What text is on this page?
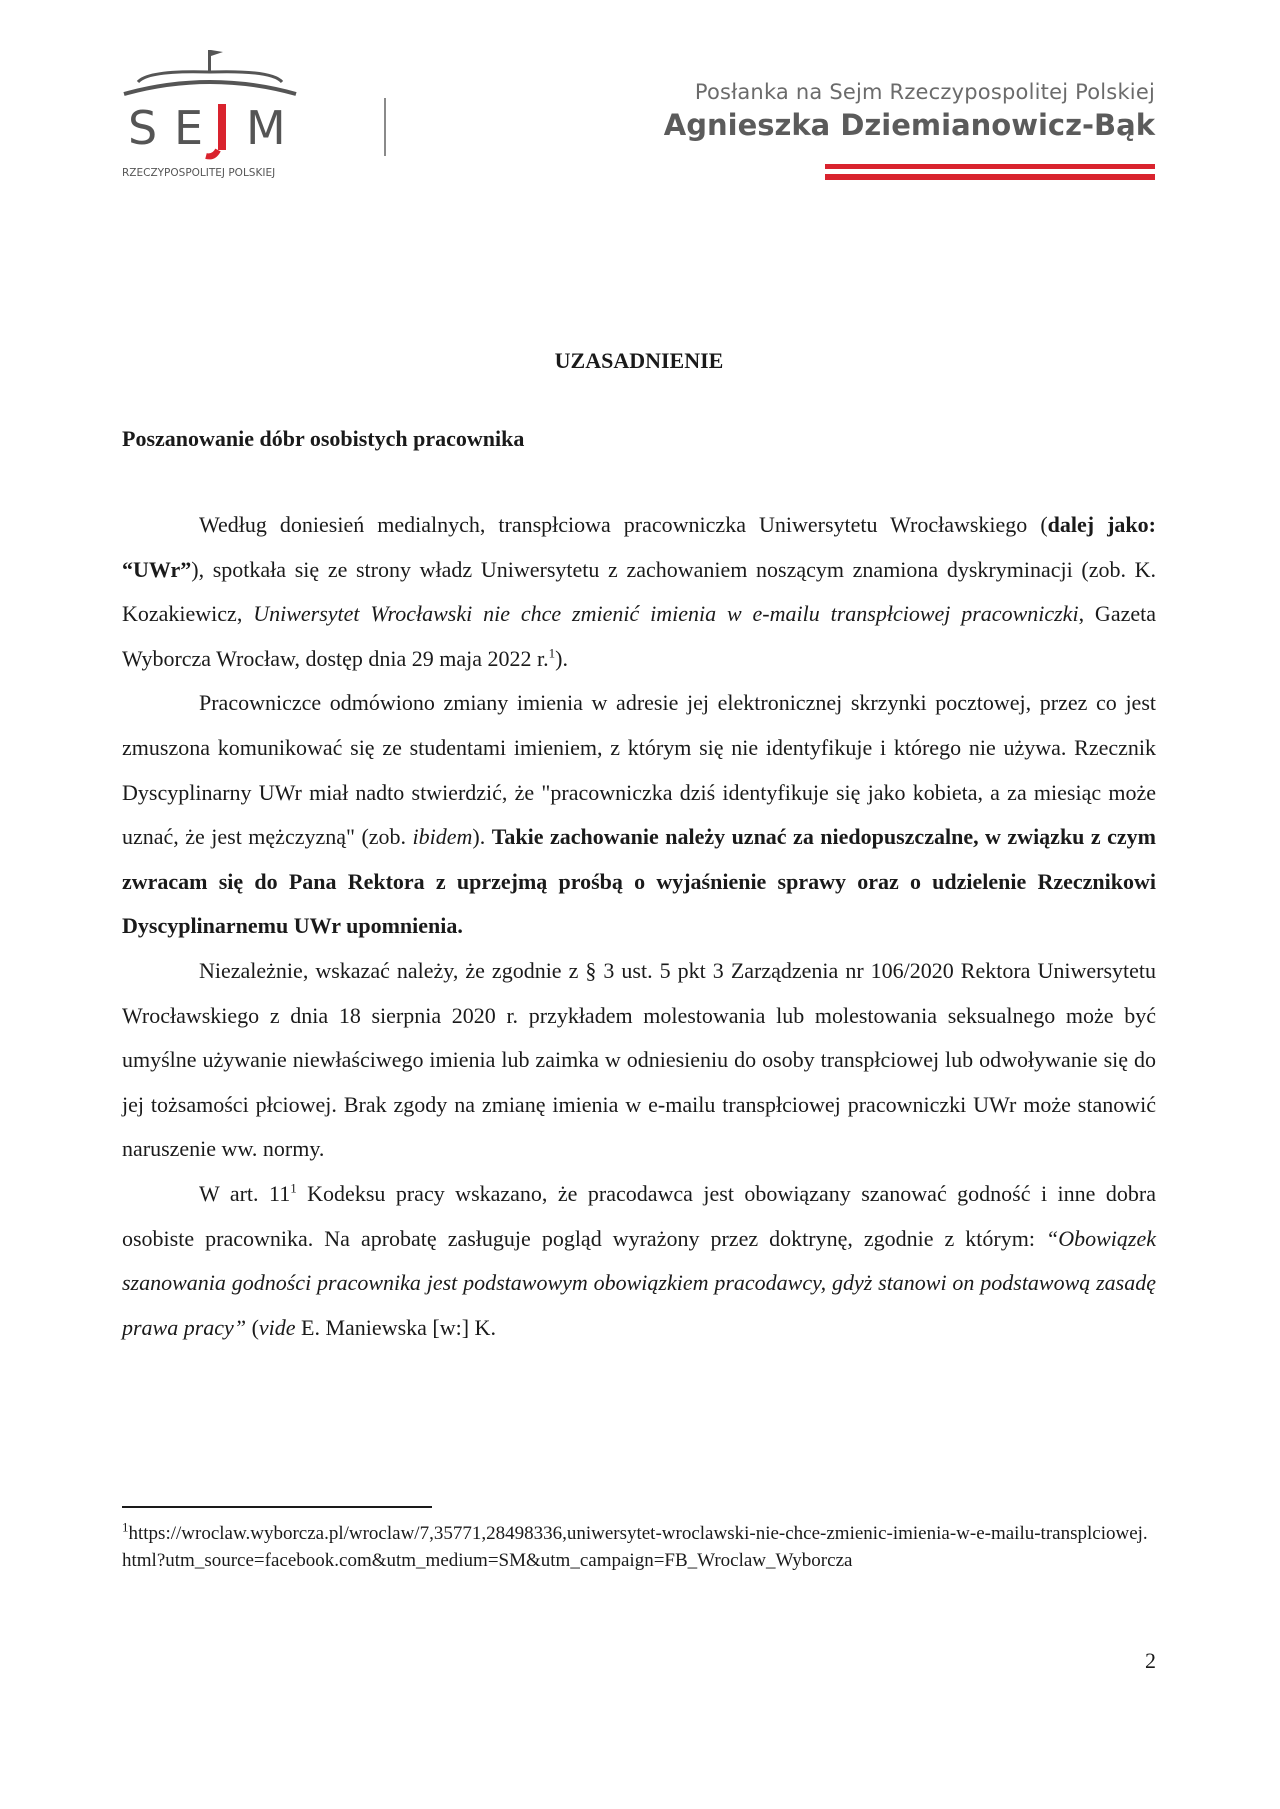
S E M
RZECZYPOSPOLITEJ POLSKIEJ
Posłanka na Sejm Rzeczypospolitej Polskiej
Agnieszka Dziemianowicz-Bąk
UZASADNIENIE
Poszanowanie dóbr osobistych pracownika

Według doniesień medialnych, transpłciowa pracowniczka Uniwersytetu Wrocławskiego (dalej jako: “UWr”), spotkała się ze strony władz Uniwersytetu z zachowaniem noszącym znamiona dyskryminacji (zob. K. Kozakiewicz, Uniwersytet Wrocławski nie chce zmienić imienia w e-mailu transpłciowej pracowniczki, Gazeta Wyborcza Wrocław, dostęp dnia 29 maja 2022 r.$^1$).

Pracowniczce odmówiono zmiany imienia w adresie jej elektronicznej skrzynki pocztowej, przez co jest zmuszona komunikować się ze studentami imieniem, z którym się nie identyfikuje i którego nie używa. Rzecznik Dyscyplinarny UWr miał nadto stwierdzić, że "pracowniczka dziś identyfikuje się jako kobieta, a za miesiąc może uznać, że jest mężczyzną" (zob. ibidem). Takie zachowanie należy uznać za niedopuszczalne, w związku z czym zwracam się do Pana Rektora z uprzejmą prośbą o wyjaśnienie sprawy oraz o udzielenie Rzecznikowi Dyscyplinarnemu UWr upomnienia.

Niezależnie, wskazać należy, że zgodnie z § 3 ust. 5 pkt 3 Zarządzenia nr 106/2020 Rektora Uniwersytetu Wrocławskiego z dnia 18 sierpnia 2020 r. przykładem molestowania lub molestowania seksualnego może być umyślne używanie niewłaściwego imienia lub zaimka w odniesieniu do osoby transpłciowej lub odwoływanie się do jej tożsamości płciowej. Brak zgody na zmianę imienia w e-mailu transpłciowej pracowniczki UWr może stanowić naruszenie ww. normy.

W art. $11^1$ Kodeksu pracy wskazano, że pracodawca jest obowiązany szanować godność i inne dobra osobiste pracownika. Na aprobatę zasługuje pogląd wyrażony przez doktrynę, zgodnie z którym: “Obowiązek szanowania godności pracownika jest podstawowym obowiązkiem pracodawcy, gdyż stanowi on podstawową zasadę prawa pracy” (vide E. Maniewska [w:] K.

$^1$https://wroclaw.wyborcza.pl/wroclaw/7,35771,28498336,uniwersytet-wroclawski-nie-chce-zmienic-imienia-w-e-mailu-transplciowej.html?utm_source=facebook.com&utm_medium=SM&utm_campaign=FB_Wroclaw_Wyborcza
2
